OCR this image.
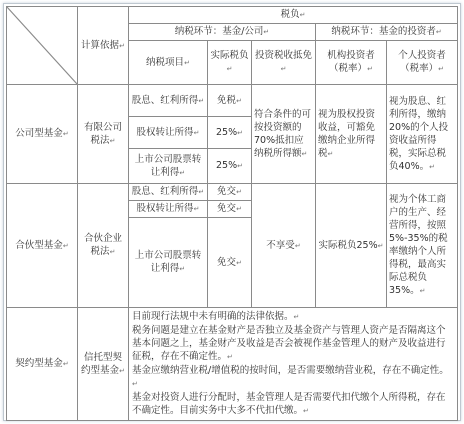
	计算依据 ↵	税负 ↵
		纳税环节：基金/公司 ↵			纳税环节：基金的投资者 ↵
		纳税项目 ↵	实际税负 ↵	投资税收抵免 ↵	机构投资者（税率） ↵	个人投资者（税率） ↵
公司型基金 ↵	有限公司税法 ↵	股息、红利所得 ↵	免税 ↵	符合条件的可按投资额的70%抵扣应纳税所得额 ↵	视为股权投资收益，可豁免缴纳企业所得税 ↵	视为股息、红利所得，缴纳20%的个人投资收益所得税，实际总税负40%。 ↵
		股权转让所得 ↵	25% ↵
		上市公司股票转让利得 ↵	25% ↵
合伙型基金 ↵	合伙企业税法 ↵	股息、红利所得 ↵	免交 ↵	不享受 ↵	实际税负25% ↵	视为个体工商户的生产、经营所得，按照5%-35%的税率缴纳个人所得税，最高实际总税负35%。 ↵
		股权转让所得 ↵	免交 ↵
		上市公司股票转让利得 ↵	免交 ↵
契约型基金 ↵	信托型契约型基金 ↵	目前现行法规中未有明确的法律依据。 ↵

税务问题是建立在基金财产是否独立及基金资产与管理人资产是否隔离这个基本问题之上，基金财产及收益是否会被视作基金管理人的财产及收益进行征税，存在不确定性。 ↵

基金应缴纳营业税/增值税的按时间，是否需要缴纳营业税，存在不确定性。 ↵

基金对投资人进行分配时，基金管理人是否需要代扣代缴个人所得税，存在不确定性。目前实务中大多不代扣代缴。 ↵
